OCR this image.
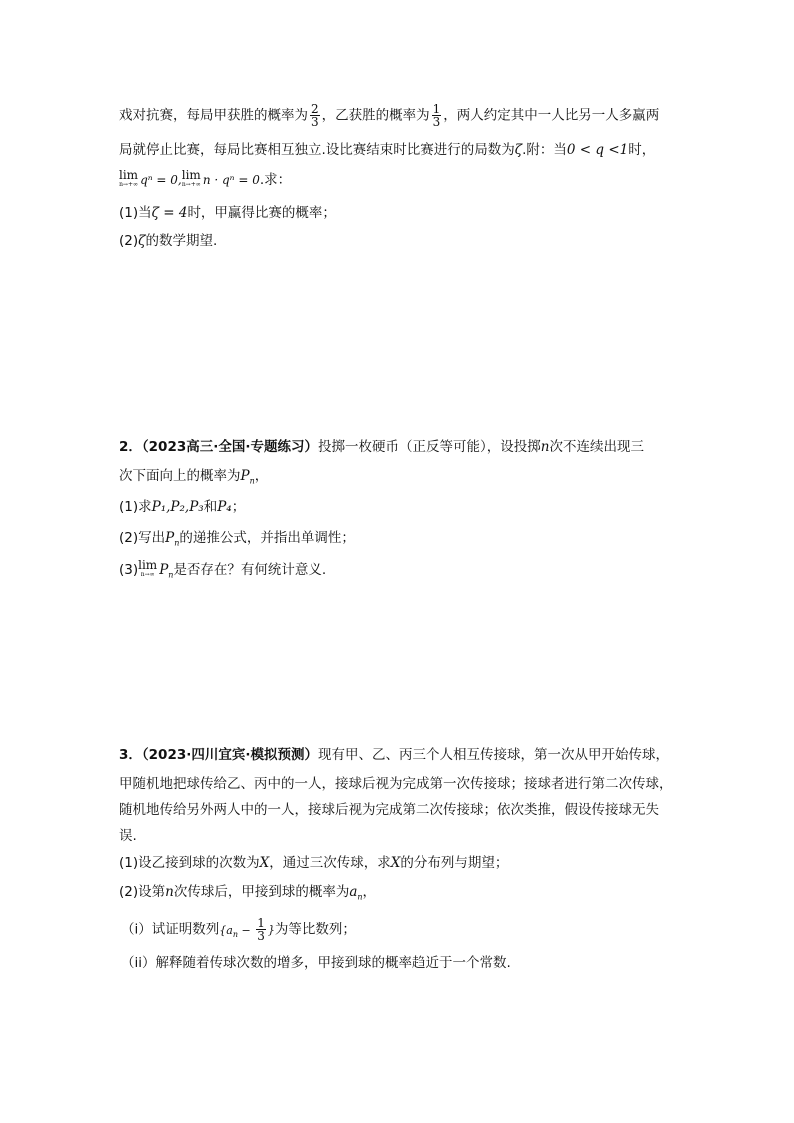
戏对抗赛，每局甲获胜的概率为 $\frac{2}{3}$ ，乙获胜的概率为 $\frac{1}{3}$ ，两人约定其中一人比另一人多赢两
局就停止比赛，每局比赛相互独立.设比赛结束时比赛进行的局数为ζ.附：当0 < q <1时，
lim
n→+∞ qⁿ = 0, lim
n→+∞ n · qⁿ = 0.求：
(1)当ζ = 4时，甲赢得比赛的概率；
(2)ζ的数学期望.
2．（2023高三·全国·专题练习）投掷一枚硬币（正反等可能），设投掷n次不连续出现三
次下面向上的概率为$P_n$，
(1)求P₁,P₂,P₃和P₄；
(2)写出$P_n$的递推公式，并指出单调性；
(3) lim
n→∞ $P_n$是否存在？有何统计意义.
3．（2023·四川宜宾·模拟预测）现有甲、乙、丙三个人相互传接球，第一次从甲开始传球，
甲随机地把球传给乙、丙中的一人，接球后视为完成第一次传接球；接球者进行第二次传球，
随机地传给另外两人中的一人，接球后视为完成第二次传接球；依次类推，假设传接球无失
误.
(1)设乙接到球的次数为X，通过三次传球，求X的分布列与期望；
(2)设第n次传球后，甲接到球的概率为$a_n$，
（i）试证明数列{$a_n - \frac{1}{3}$ }为等比数列；
（ii）解释随着传球次数的增多，甲接到球的概率趋近于一个常数.
